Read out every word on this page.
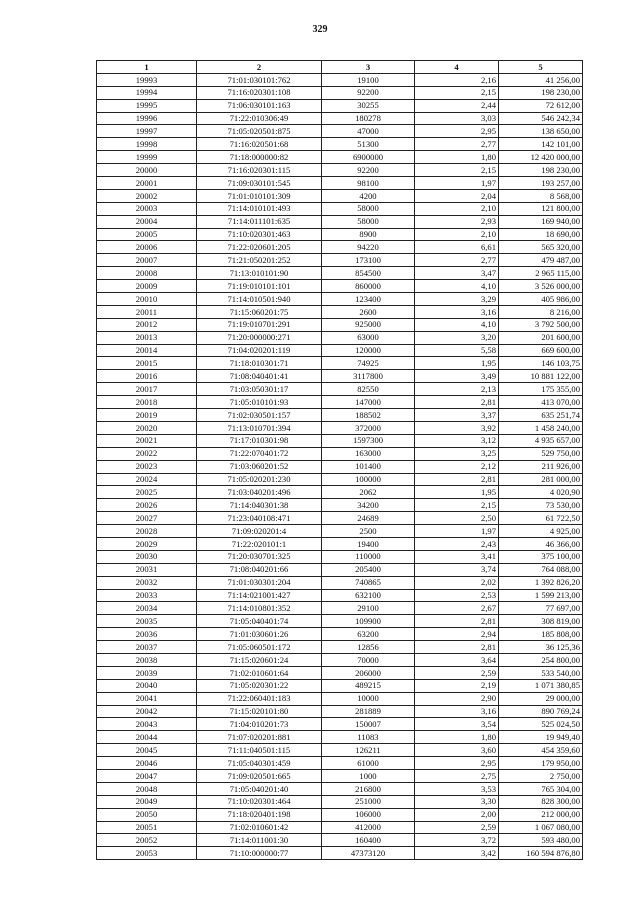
329
1	2	3	4	5
19993	71:01:030101:762	19100	2,16	41 256,00
19994	71:16:020301:108	92200	2,15	198 230,00
19995	71:06:030101:163	30255	2,44	72 612,00
19996	71:22:010306:49	180278	3,03	546 242,34
19997	71:05:020501:875	47000	2,95	138 650,00
19998	71:16:020501:68	51300	2,77	142 101,00
19999	71:18:000000:82	6900000	1,80	12 420 000,00
20000	71:16:020301:115	92200	2,15	198 230,00
20001	71:09:030101:545	98100	1,97	193 257,00
20002	71:01:010101:309	4200	2,04	8 568,00
20003	71:14:010101:493	58000	2,10	121 800,00
20004	71:14:011101:635	58000	2,93	169 940,00
20005	71:10:020301:463	8900	2,10	18 690,00
20006	71:22:020601:205	94220	6,61	565 320,00
20007	71:21:050201:252	173100	2,77	479 487,00
20008	71:13:010101:90	854500	3,47	2 965 115,00
20009	71:19:010101:101	860000	4,10	3 526 000,00
20010	71:14:010501:940	123400	3,29	405 986,00
20011	71:15:060201:75	2600	3,16	8 216,00
20012	71:19:010701:291	925000	4,10	3 792 500,00
20013	71:20:000000:271	63000	3,20	201 600,00
20014	71:04:020201:119	120000	5,58	669 600,00
20015	71:18:010301:71	74925	1,95	146 103,75
20016	71:08:040401:41	3117800	3,49	10 881 122,00
20017	71:03:050301:17	82550	2,13	175 355,00
20018	71:05:010101:93	147000	2,81	413 070,00
20019	71:02:030501:157	188502	3,37	635 251,74
20020	71:13:010701:394	372000	3,92	1 458 240,00
20021	71:17:010301:98	1597300	3,12	4 935 657,00
20022	71:22:070401:72	163000	3,25	529 750,00
20023	71:03:060201:52	101400	2,12	211 926,00
20024	71:05:020201:230	100000	2,81	281 000,00
20025	71:03:040201:496	2062	1,95	4 020,90
20026	71:14:040301:38	34200	2,15	73 530,00
20027	71:23:040108:471	24689	2,50	61 722,50
20028	71:09:020201:4	2500	1,97	4 925,00
20029	71:22:020101:1	19400	2,43	46 366,00
20030	71:20:030701:325	110000	3,41	375 100,00
20031	71:08:040201:66	205400	3,74	764 088,00
20032	71:01:030301:204	740865	2,02	1 392 826,20
20033	71:14:021001:427	632100	2,53	1 599 213,00
20034	71:14:010801:352	29100	2,67	77 697,00
20035	71:05:040401:74	109900	2,81	308 819,00
20036	71:01:030601:26	63200	2,94	185 808,00
20037	71:05:060501:172	12856	2,81	36 125,36
20038	71:15:020601:24	70000	3,64	254 800,00
20039	71:02:010601:64	206000	2,59	533 540,00
20040	71:05:020301:22	489215	2,19	1 071 380,85
20041	71:22:060401:183	10000	2,90	29 000,00
20042	71:15:020101:80	281889	3,16	890 769,24
20043	71:04:010201:73	150007	3,54	525 024,50
20044	71:07:020201:881	11083	1,80	19 949,40
20045	71:11:040501:115	126211	3,60	454 359,60
20046	71:05:040301:459	61000	2,95	179 950,00
20047	71:09:020501:665	1000	2,75	2 750,00
20048	71:05:040201:40	216800	3,53	765 304,00
20049	71:10:020301:464	251000	3,30	828 300,00
20050	71:18:020401:198	106000	2,00	212 000,00
20051	71:02:010601:42	412000	2,59	1 067 080,00
20052	71:14:011001:30	160400	3,72	593 480,00
20053	71:10:000000:77	47373120	3,42	160 594 876,80
